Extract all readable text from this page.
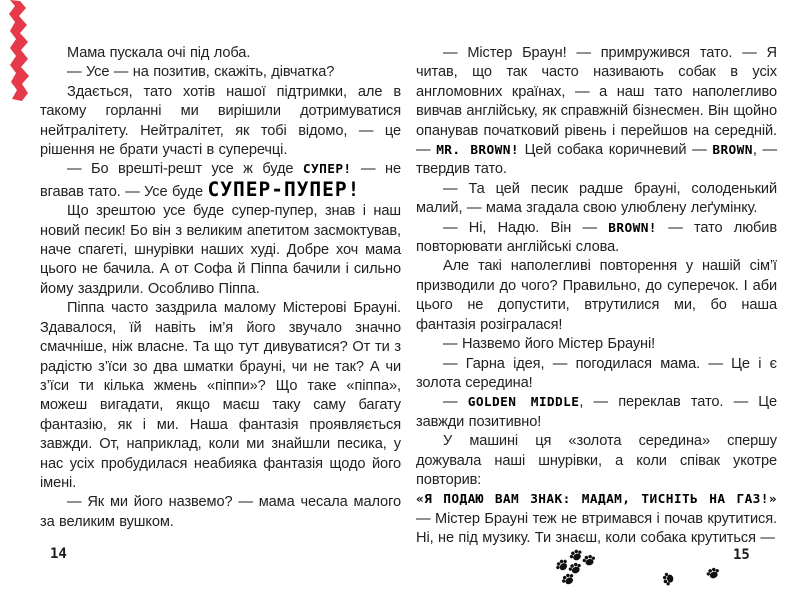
Мама пускала очі під лоба.

— Усе — на позитив, скажіть, дівчатка?

Здається, тато хотів нашої підтримки, але в такому горланні ми вирішили дотримуватися нейтралітету. Нейтралітет, як тобі відомо, — це рішення не брати участі в суперечці.

— Бо врешті-решт усе ж буде СУПЕР! — не вгавав тато. — Усе буде СУПЕР-ПУПЕР!

Що зрештою усе буде супер-пупер, знав і наш новий песик! Бо він з великим апетитом засмоктував, наче спагеті, шнурівки наших худі. Добре хоч мама цього не бачила. А от Софа й Піппа бачили і сильно йому заздрили. Особливо Піппа.

Піппа часто заздрила малому Містерові Брауні. Здавалося, їй навіть ім’я його звучало значно смачніше, ніж власне. Та що тут дивуватися? От ти з радістю з’їси зо два шматки брауні, чи не так? А чи з’їси ти кілька жмень «піппи»? Що таке «піппа», можеш вигадати, якщо маєш таку саму багату фантазію, як і ми. Наша фантазія проявляється завжди. От, наприклад, коли ми знайшли песика, у нас усіх пробудилася неабияка фантазія щодо його імені.

— Як ми його назвемо? — мама чесала малого за великим вушком.

— Містер Браун! — примружився тато. — Я читав, що так часто називають собак в усіх англомовних країнах, — а наш тато наполегливо вивчав англійську, як справжній бізнесмен. Він щойно опанував початковий рівень і перейшов на середній. — MR. BROWN! Цей собака коричневий — BROWN, — твердив тато.

— Та цей песик радше брауні, солоденький малий, — мама згадала свою улюблену леґумінку.

— Ні, Надю. Він — BROWN! — тато любив повторювати англійські слова.

Але такі наполегливі повторення у нашій сім’ї призводили до чого? Правильно, до суперечок. І аби цього не допустити, втрутилися ми, бо наша фантазія розігралася!

— Назвемо його Містер Брауні!

— Гарна ідея, — погодилася мама. — Це і є золота середина!

— GOLDEN MIDDLE, — переклав тато. — Це завжди позитивно!

У машині ця «золота середина» спершу дожувала наші шнурівки, а коли співак укотре повторив: «Я ПОДАЮ ВАМ ЗНАК: МАДАМ, ТИСНІТЬ НА ГАЗ!» — Містер Брауні теж не втримався і почав крутитися. Ні, не під музику. Ти знаєш, коли собака крутиться —

14	15
